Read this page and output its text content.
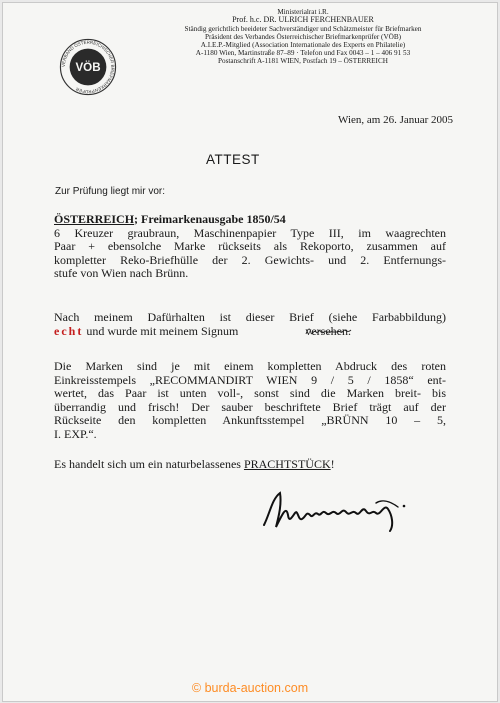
VERBAND ÖSTERREICHISCHER BRIEFMARKENPRÜFER
VÖB
Ministerialrat i.R.
Prof. h.c. DR. ULRICH FERCHENBAUER
Ständig gerichtlich beeideter Sachverständiger und Schätzmeister für Briefmarken
Präsident des Verbandes Österreichischer Briefmarkenprüfer (VÖB)
A.I.E.P.-Mitglied (Association Internationale des Experts en Philatelie)
A-1180 Wien, Martinstraße 87–89 · Telefon und Fax 0043 – 1 – 406 91 53
Postanschrift A-1181 WIEN, Postfach 19 – ÖSTERREICH
Wien, am 26. Januar 2005
ATTEST
Zur Prüfung liegt mir vor:
ÖSTERREICH; Freimarkenausgabe 1850/54
6 Kreuzer graubraun, Maschinenpapier Type III, im waagrechten
Paar + ebensolche Marke rückseits als Rekoporto, zusammen auf
kompletter Reko-Briefhülle der 2. Gewichts- und 2. Entfernungs-
stufe von Wien nach Brünn.
Nach meinem Dafürhalten ist dieser Brief (siehe Farbabbildung)
echt und wurde mit meinem Signum	versehen.
Die Marken sind je mit einem kompletten Abdruck des roten
Einkreisstempels „RECOMMANDIRT WIEN 9 / 5 / 1858“ ent-
wertet, das Paar ist unten voll-, sonst sind die Marken breit- bis
überrandig und frisch! Der sauber beschriftete Brief trägt auf der
Rückseite den kompletten Ankunftsstempel „BRÜNN 10 – 5,
I. EXP.“.
Es handelt sich um ein naturbelassenes PRACHTSTÜCK!
© burda-auction.com
